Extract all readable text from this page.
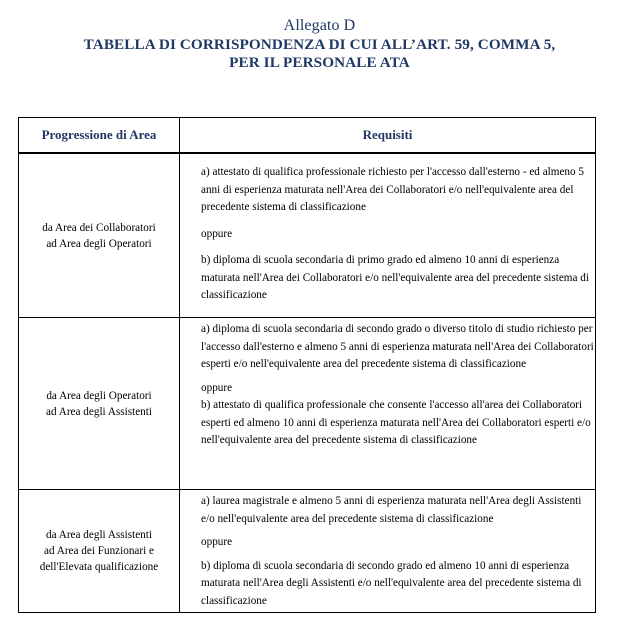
Allegato D
TABELLA DI CORRISPONDENZA DI CUI ALL’ART. 59, COMMA 5,
PER IL PERSONALE ATA
Progressione di Area	Requisiti
da Area dei Collaboratori
ad Area degli Operatori

a) attestato di qualifica professionale richiesto per l'accesso dall'esterno - ed almeno 5 anni di esperienza maturata nell'Area dei Collaboratori e/o nell'equivalente area del precedente sistema di classificazione

oppure

b) diploma di scuola secondaria di primo grado ed almeno 10 anni di esperienza maturata nell'Area dei Collaboratori e/o nell'equivalente area del precedente sistema di classificazione

da Area degli Operatori
ad Area degli Assistenti

a) diploma di scuola secondaria di secondo grado o diverso titolo di studio richiesto per l'accesso dall'esterno e almeno 5 anni di esperienza maturata nell'Area dei Collaboratori esperti e/o nell'equivalente area del precedente sistema di classificazione

oppure

b) attestato di qualifica professionale che consente l'accesso all'area dei Collaboratori esperti ed almeno 10 anni di esperienza maturata nell'Area dei Collaboratori esperti e/o nell'equivalente area del precedente sistema di classificazione

da Area degli Assistenti
ad Area dei Funzionari e
dell'Elevata qualificazione

a) laurea magistrale e almeno 5 anni di esperienza maturata nell'Area degli Assistenti e/o nell'equivalente area del precedente sistema di classificazione

oppure

b) diploma di scuola secondaria di secondo grado ed almeno 10 anni di esperienza maturata nell'Area degli Assistenti e/o nell'equivalente area del precedente sistema di classificazione
